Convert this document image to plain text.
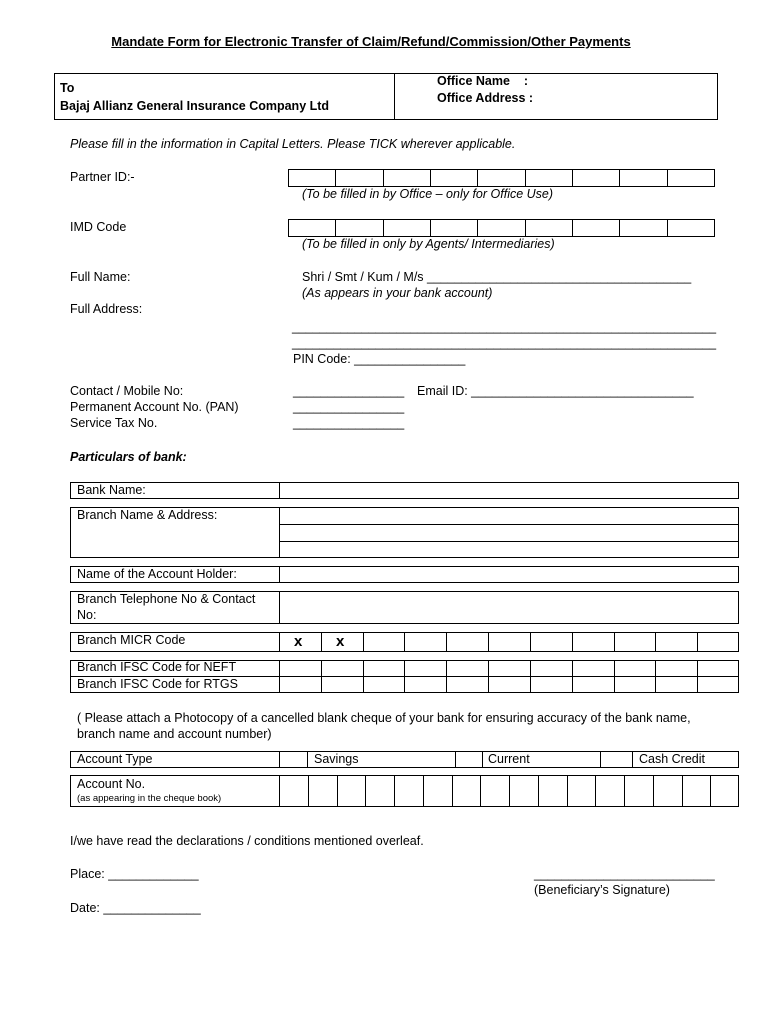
Mandate Form for Electronic Transfer of Claim/Refund/Commission/Other Payments
To
Bajaj Allianz General Insurance Company Ltd
Office Name    :
Office Address :
Please fill in the information in Capital Letters. Please TICK wherever applicable.
Partner ID:-
(To be filled in by Office – only for Office Use)
IMD Code
(To be filled in only by Agents/ Intermediaries)
Full Name:	Shri / Smt / Kum / M/s ______________________________________
(As appears in your bank account)
Full Address:
_____________________________________________________________
_____________________________________________________________
PIN Code: ________________
Contact / Mobile No:	________________ Email ID: ________________________________
Permanent Account No. (PAN)	________________
Service Tax No.	________________
Particulars of bank:
Bank Name:
Branch Name & Address:
Name of the Account Holder:
Branch Telephone No & Contact
No:
Branch MICR Code	x x
Branch IFSC Code for NEFT
Branch IFSC Code for RTGS
( Please attach a Photocopy of a cancelled blank cheque of your bank for ensuring accuracy of the bank name,
branch name and account number)
Account Type	Savings	Current	Cash Credit
Account No.
(as appearing in the cheque book)
I/we have read the declarations / conditions mentioned overleaf.
Place: _____________
Date: ______________
__________________________
(Beneficiary’s Signature)
